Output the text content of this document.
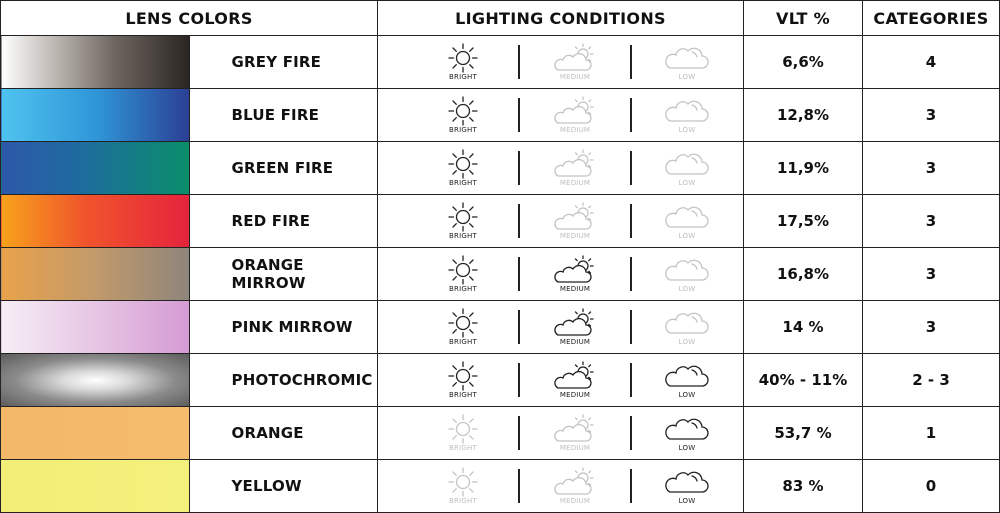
LENS COLORS		LIGHTING CONDITIONS	VLT %	CATEGORIES
	GREY FIRE	BRIGHT MEDIUM LOW	6,6%	4
	BLUE FIRE	BRIGHT MEDIUM LOW	12,8%	3
	GREEN FIRE	BRIGHT MEDIUM LOW	11,9%	3
	RED FIRE	BRIGHT MEDIUM LOW	17,5%	3
	ORANGE MIRROW	BRIGHT MEDIUM LOW	16,8%	3
	PINK MIRROW	BRIGHT MEDIUM LOW	14 %	3
	PHOTOCHROMIC	BRIGHT MEDIUM LOW	40% - 11%	2 - 3
	ORANGE	BRIGHT MEDIUM LOW	53,7 %	1
	YELLOW	BRIGHT MEDIUM LOW	83 %	0
